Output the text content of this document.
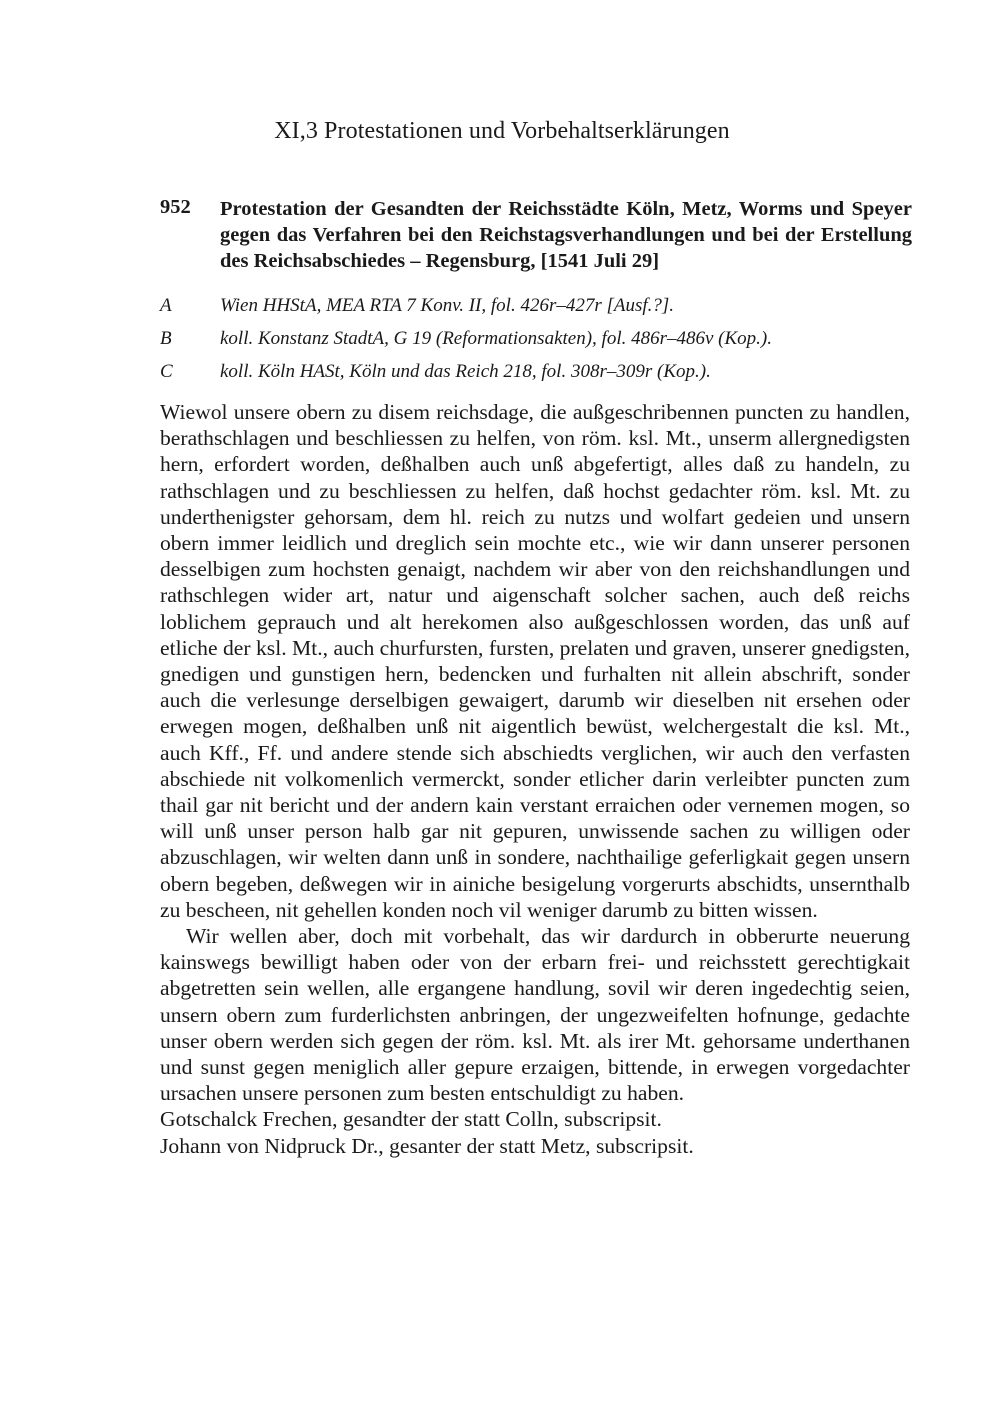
XI,3 Protestationen und Vorbehaltserklärungen
952 Protestation der Gesandten der Reichsstädte Köln, Metz, Worms und Speyer gegen das Verfahren bei den Reichstagsverhandlungen und bei der Erstellung des Reichsabschiedes – Regensburg, [1541 Juli 29]
A	Wien HHStA, MEA RTA 7 Konv. II, fol. 426r–427r [Ausf.?].
B	koll. Konstanz StadtA, G 19 (Reformationsakten), fol. 486r–486v (Kop.).
C	koll. Köln HASt, Köln und das Reich 218, fol. 308r–309r (Kop.).

Wiewol unsere obern zu disem reichsdage, die außgeschribennen puncten zu handlen, berathschlagen und beschliessen zu helfen, von röm. ksl. Mt., unserm allergnedigsten hern, erfordert worden, deßhalben auch unß abgefertigt, alles daß zu handeln, zu rathschlagen und zu beschliessen zu helfen, daß hochst gedachter röm. ksl. Mt. zu underthenigster gehorsam, dem hl. reich zu nutzs und wolfart gedeien und unsern obern immer leidlich und dreglich sein mochte etc., wie wir dann unserer personen desselbigen zum hochsten genaigt, nachdem wir aber von den reichshandlungen und rathschlegen wider art, natur und aigenschaft solcher sachen, auch deß reichs loblichem geprauch und alt herekomen also außgeschlossen worden, das unß auf etliche der ksl. Mt., auch churfursten, fursten, prelaten und graven, unserer gnedigsten, gnedigen und gunstigen hern, bedencken und furhalten nit allein abschrift, sonder auch die verlesunge derselbigen gewaigert, darumb wir dieselben nit ersehen oder erwegen mogen, deßhalben unß nit aigentlich bewüst, welchergestalt die ksl. Mt., auch Kff., Ff. und andere stende sich abschiedts verglichen, wir auch den verfasten abschiede nit volkomenlich vermerckt, sonder etlicher darin verleibter puncten zum thail gar nit bericht und der andern kain verstant erraichen oder vernemen mogen, so will unß unser person halb gar nit gepuren, unwissende sachen zu willigen oder abzuschlagen, wir welten dann unß in sondere, nachthailige geferligkait gegen unsern obern begeben, deßwegen wir in ainiche besigelung vorgerurts abschidts, unsernthalb zu bescheen, nit gehellen konden noch vil weniger darumb zu bitten wissen.

Wir wellen aber, doch mit vorbehalt, das wir dardurch in obberurte neuerung kainswegs bewilligt haben oder von der erbarn frei- und reichsstett gerechtigkait abgetretten sein wellen, alle ergangene handlung, sovil wir deren ingedechtig seien, unsern obern zum furderlichsten anbringen, der ungezweifelten hofnunge, gedachte unser obern werden sich gegen der röm. ksl. Mt. als irer Mt. gehorsame underthanen und sunst gegen meniglich aller gepure erzaigen, bittende, in erwegen vorgedachter ursachen unsere personen zum besten entschuldigt zu haben.

Gotschalck Frechen, gesandter der statt Colln, subscripsit.

Johann von Nidpruck Dr., gesanter der statt Metz, subscripsit.
